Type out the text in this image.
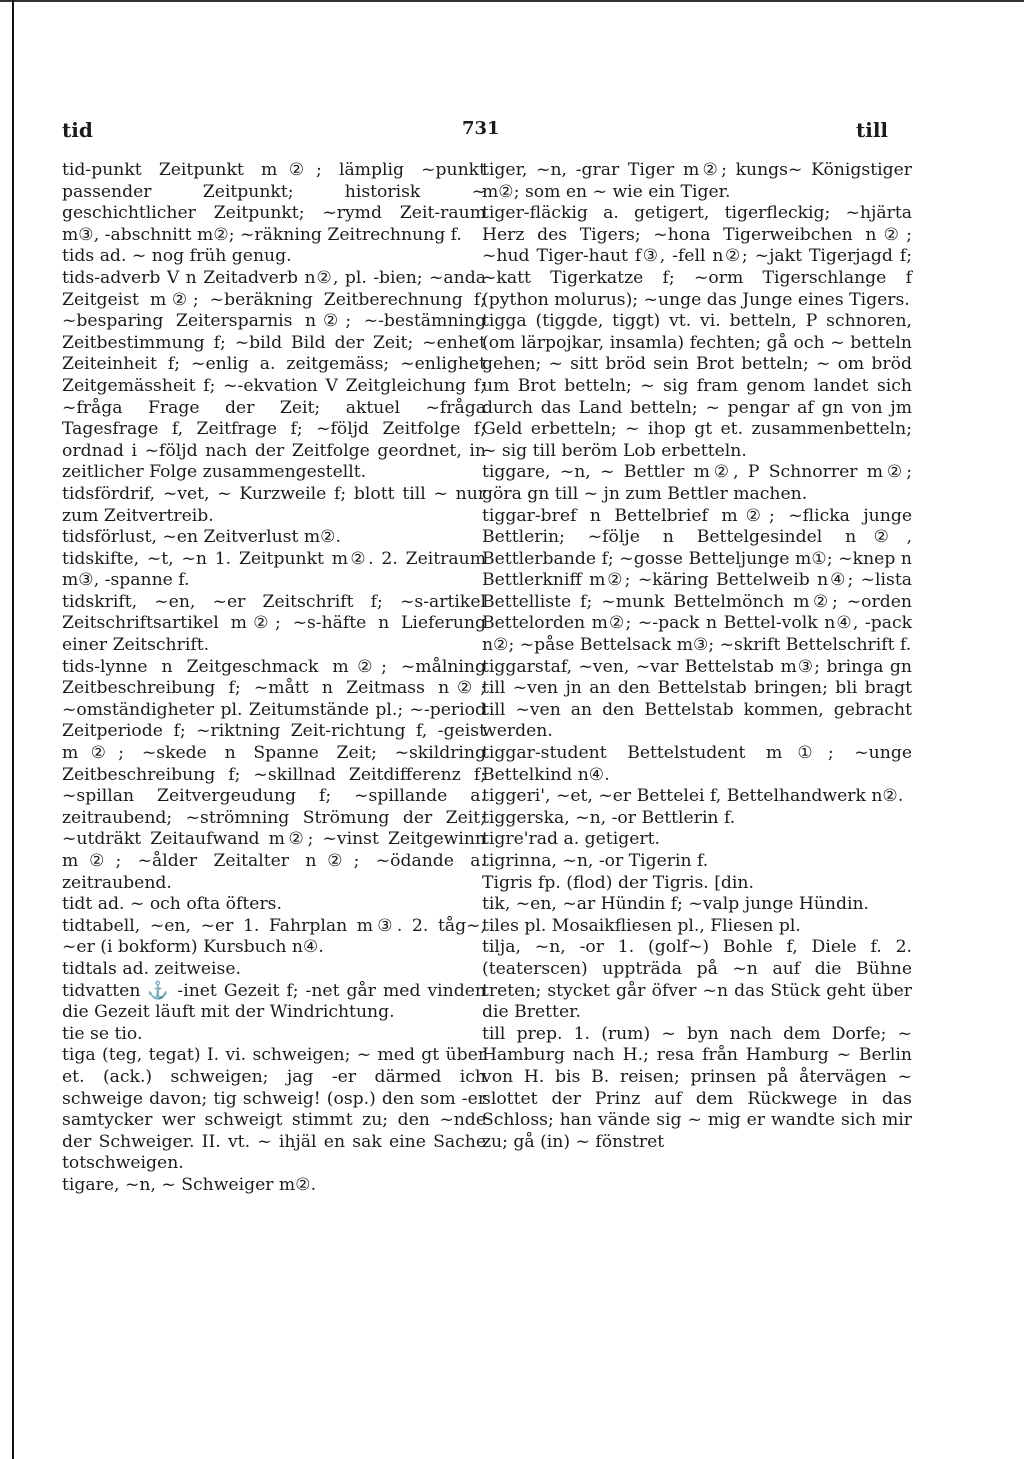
tid	731	till

tid-punkt Zeitpunkt m②; lämplig ~punkt passender Zeitpunkt; historisk ~ geschichtlicher Zeitpunkt; ~rymd Zeit-raum m③, -abschnitt m②; ~räkning Zeitrechnung f.

tids ad. ~ nog früh genug.

tids-adverb V n Zeitadverb n②, pl. -bien; ~anda Zeitgeist m②; ~beräkning Zeitberechnung f; ~besparing Zeitersparnis n②; ~-bestämning Zeitbestimmung f; ~bild Bild der Zeit; ~enhet Zeiteinheit f; ~enlig a. zeitgemäss; ~enlighet Zeitgemässheit f; ~-ekvation V Zeitgleichung f; ~fråga Frage der Zeit; aktuel ~fråga Tagesfrage f, Zeitfrage f; ~följd Zeitfolge f; ordnad i ~följd nach der Zeitfolge geordnet, in zeitlicher Folge zusammengestellt.

tidsfördrif, ~vet, ~ Kurzweile f; blott till ~ nur zum Zeitvertreib.

tidsförlust, ~en Zeitverlust m②.

tidskifte, ~t, ~n 1. Zeitpunkt m②. 2. Zeitraum m③, -spanne f.

tidskrift, ~en, ~er Zeitschrift f; ~s-artikel Zeitschriftsartikel m②; ~s-häfte n Lieferung einer Zeitschrift.

tids-lynne n Zeitgeschmack m②; ~målning Zeitbeschreibung f; ~mått n Zeitmass n②; ~omständigheter pl. Zeitumstände pl.; ~-period Zeitperiode f; ~riktning Zeit-richtung f, -geist m②; ~skede n Spanne Zeit; ~skildring Zeitbeschreibung f; ~skillnad Zeitdifferenz f; ~spillan Zeitvergeudung f; ~spillande a. zeitraubend; ~strömning Strömung der Zeit; ~utdräkt Zeitaufwand m②; ~vinst Zeitgewinn m②; ~ålder Zeitalter n②; ~ödande a. zeitraubend.

tidt ad. ~ och ofta öfters.

tidtabell, ~en, ~er 1. Fahrplan m③. 2. tåg~, ~er (i bokform) Kursbuch n④.

tidtals ad. zeitweise.

tidvatten ⚓ -inet Gezeit f; -net går med vinden die Gezeit läuft mit der Windrichtung.

tie se tio.

tiga (teg, tegat) I. vi. schweigen; ~ med gt über et. (ack.) schweigen; jag -er därmed ich schweige davon; tig schweig! (osp.) den som -er samtycker wer schweigt stimmt zu; den ~nde der Schweiger. II. vt. ~ ihjäl en sak eine Sache totschweigen.

tigare, ~n, ~ Schweiger m②.

tiger, ~n, -grar Tiger m②; kungs~ Königstiger m②; som en ~ wie ein Tiger.

tiger-fläckig a. getigert, tigerfleckig; ~hjärta Herz des Tigers; ~hona Tigerweibchen n②; ~hud Tiger-haut f③, -fell n②; ~jakt Tigerjagd f; ~katt Tigerkatze f; ~orm Tigerschlange f (python molurus); ~unge das Junge eines Tigers.

tigga (tiggde, tiggt) vt. vi. betteln, P schnoren, (om lärpojkar, insamla) fechten; gå och ~ betteln gehen; ~ sitt bröd sein Brot betteln; ~ om bröd um Brot betteln; ~ sig fram genom landet sich durch das Land betteln; ~ pengar af gn von jm Geld erbetteln; ~ ihop gt et. zusammenbetteln; ~ sig till beröm Lob erbetteln.

tiggare, ~n, ~ Bettler m②, P Schnorrer m②; göra gn till ~ jn zum Bettler machen.

tiggar-bref n Bettelbrief m②; ~flicka junge Bettlerin; ~följe n Bettelgesindel n②, Bettlerbande f; ~gosse Betteljunge m①; ~knep n Bettlerkniff m②; ~käring Bettelweib n④; ~lista Bettelliste f; ~munk Bettelmönch m②; ~orden Bettelorden m②; ~-pack n Bettel-volk n④, -pack n②; ~påse Bettelsack m③; ~skrift Bettelschrift f.

tiggarstaf, ~ven, ~var Bettelstab m③; bringa gn till ~ven jn an den Bettelstab bringen; bli bragt till ~ven an den Bettelstab kommen, gebracht werden.

tiggar-student Bettelstudent m①; ~unge Bettelkind n④.

tiggeri', ~et, ~er Bettelei f, Bettelhandwerk n②.

tiggerska, ~n, -or Bettlerin f.

tigre'rad a. getigert.

tigrinna, ~n, -or Tigerin f.

Tigris fp. (flod) der Tigris. [din.

tik, ~en, ~ar Hündin f; ~valp junge Hündin.

tiles pl. Mosaikfliesen pl., Fliesen pl.

tilja, ~n, -or 1. (golf~) Bohle f, Diele f. 2. (teaterscen) uppträda på ~n auf die Bühne treten; stycket går öfver ~n das Stück geht über die Bretter.

till prep. 1. (rum) ~ byn nach dem Dorfe; ~ Hamburg nach H.; resa från Hamburg ~ Berlin von H. bis B. reisen; prinsen på återvägen ~ slottet der Prinz auf dem Rückwege in das Schloss; han vände sig ~ mig er wandte sich mir zu; gå (in) ~ fönstret
